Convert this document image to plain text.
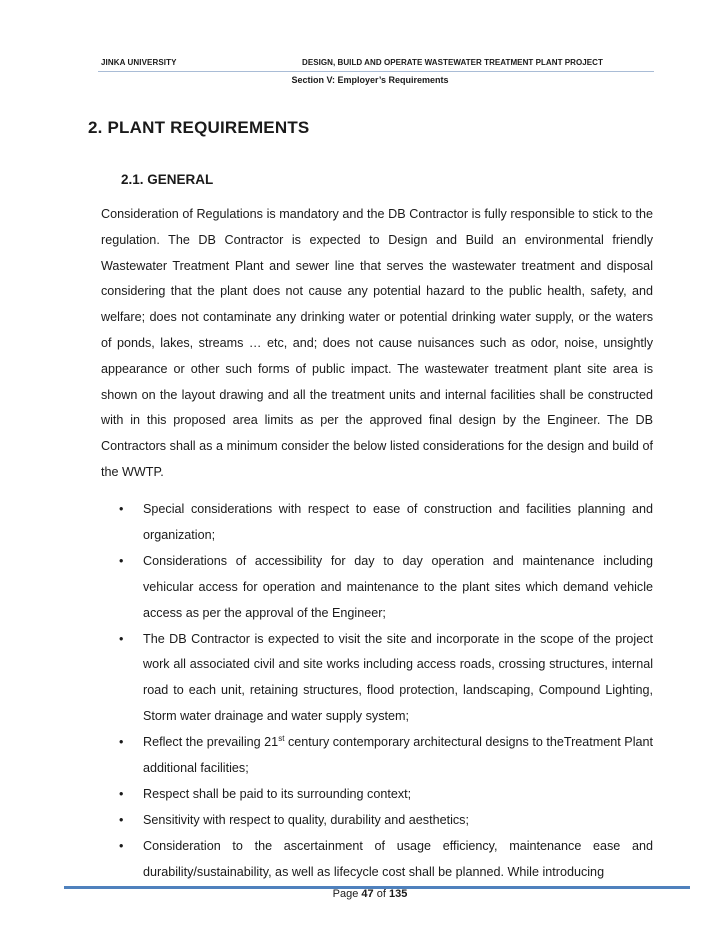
JINKA UNIVERSITY	DESIGN, BUILD AND OPERATE WASTEWATER TREATMENT PLANT PROJECT
Section V: Employer’s Requirements
2. PLANT REQUIREMENTS
2.1. GENERAL

Consideration of Regulations is mandatory and the DB Contractor is fully responsible to stick to the regulation. The DB Contractor is expected to Design and Build an environmental friendly Wastewater Treatment Plant and sewer line that serves the wastewater treatment and disposal considering that the plant does not cause any potential hazard to the public health, safety, and welfare; does not contaminate any drinking water or potential drinking water supply, or the waters of ponds, lakes, streams … etc, and; does not cause nuisances such as odor, noise, unsightly appearance or other such forms of public impact. The wastewater treatment plant site area is shown on the layout drawing and all the treatment units and internal facilities shall be constructed with in this proposed area limits as per the approved final design by the Engineer. The DB Contractors shall as a minimum consider the below listed considerations for the design and build of the WWTP.

• Special considerations with respect to ease of construction and facilities planning and organization;
• Considerations of accessibility for day to day operation and maintenance including vehicular access for operation and maintenance to the plant sites which demand vehicle access as per the approval of the Engineer;
• The DB Contractor is expected to visit the site and incorporate in the scope of the project work all associated civil and site works including access roads, crossing structures, internal road to each unit, retaining structures, flood protection, landscaping, Compound Lighting, Storm water drainage and water supply system;
• Reflect the prevailing 21st century contemporary architectural designs to theTreatment Plant additional facilities;
• Respect shall be paid to its surrounding context;
• Sensitivity with respect to quality, durability and aesthetics;
• Consideration to the ascertainment of usage efficiency, maintenance ease and durability/sustainability, as well as lifecycle cost shall be planned. While introducing
Page 47 of 135
